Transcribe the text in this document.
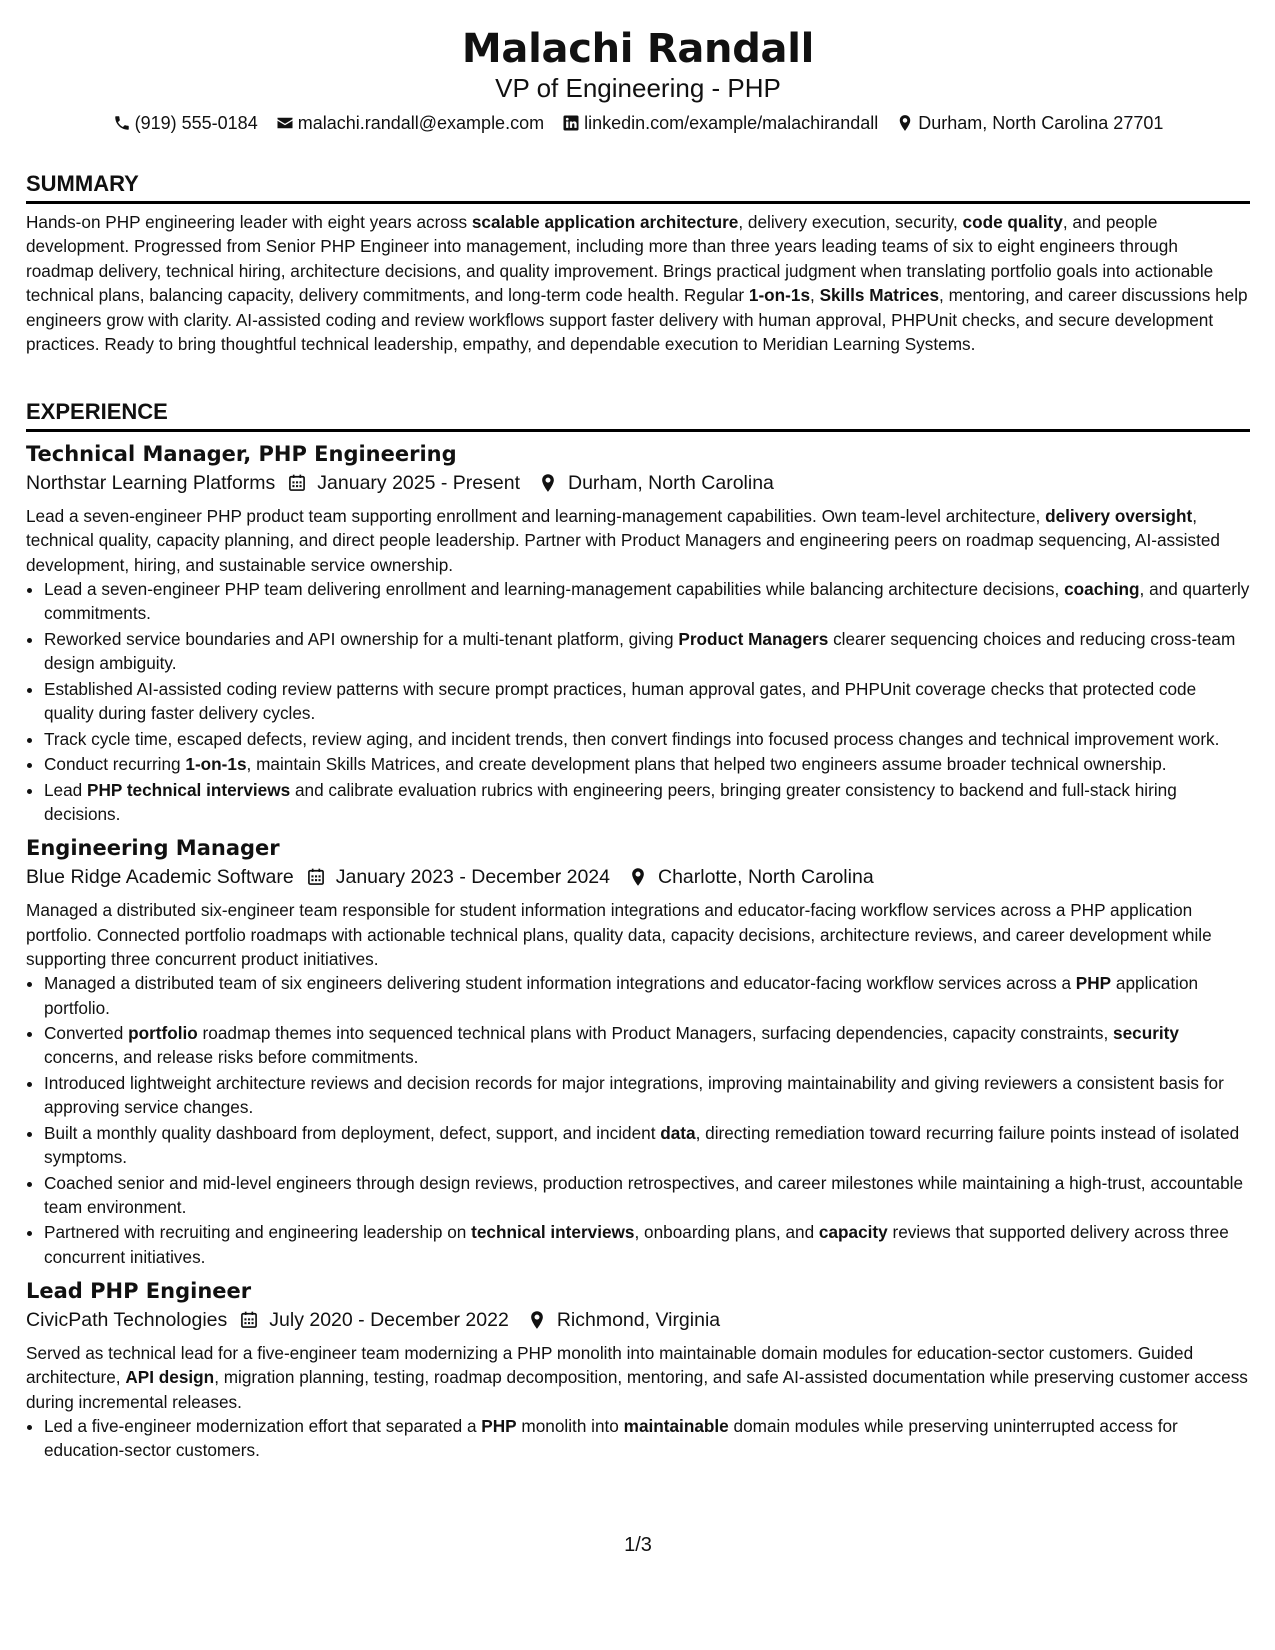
Malachi Randall
VP of Engineering - PHP
(919) 555-0184 malachi.randall@example.com linkedin.com/example/malachirandall Durham, North Carolina 27701
SUMMARY

Hands-on PHP engineering leader with eight years across scalable application architecture, delivery execution, security, code quality, and people development. Progressed from Senior PHP Engineer into management, including more than three years leading teams of six to eight engineers through roadmap delivery, technical hiring, architecture decisions, and quality improvement. Brings practical judgment when translating portfolio goals into actionable technical plans, balancing capacity, delivery commitments, and long-term code health. Regular 1-on-1s, Skills Matrices, mentoring, and career discussions help engineers grow with clarity. AI-assisted coding and review workflows support faster delivery with human approval, PHPUnit checks, and secure development practices. Ready to bring thoughtful technical leadership, empathy, and dependable execution to Meridian Learning Systems.

EXPERIENCE
Technical Manager, PHP Engineering
Northstar Learning Platforms January 2025 - Present Durham, North Carolina

Lead a seven-engineer PHP product team supporting enrollment and learning-management capabilities. Own team-level architecture, delivery oversight, technical quality, capacity planning, and direct people leadership. Partner with Product Managers and engineering peers on roadmap sequencing, AI-assisted development, hiring, and sustainable service ownership.

• Lead a seven-engineer PHP team delivering enrollment and learning-management capabilities while balancing architecture decisions, coaching, and quarterly commitments.
• Reworked service boundaries and API ownership for a multi-tenant platform, giving Product Managers clearer sequencing choices and reducing cross-team design ambiguity.
• Established AI-assisted coding review patterns with secure prompt practices, human approval gates, and PHPUnit coverage checks that protected code quality during faster delivery cycles.
• Track cycle time, escaped defects, review aging, and incident trends, then convert findings into focused process changes and technical improvement work.
• Conduct recurring 1-on-1s, maintain Skills Matrices, and create development plans that helped two engineers assume broader technical ownership.
• Lead PHP technical interviews and calibrate evaluation rubrics with engineering peers, bringing greater consistency to backend and full-stack hiring decisions.
Engineering Manager
Blue Ridge Academic Software January 2023 - December 2024 Charlotte, North Carolina

Managed a distributed six-engineer team responsible for student information integrations and educator-facing workflow services across a PHP application portfolio. Connected portfolio roadmaps with actionable technical plans, quality data, capacity decisions, architecture reviews, and career development while supporting three concurrent product initiatives.

• Managed a distributed team of six engineers delivering student information integrations and educator-facing workflow services across a PHP application portfolio.
• Converted portfolio roadmap themes into sequenced technical plans with Product Managers, surfacing dependencies, capacity constraints, security concerns, and release risks before commitments.
• Introduced lightweight architecture reviews and decision records for major integrations, improving maintainability and giving reviewers a consistent basis for approving service changes.
• Built a monthly quality dashboard from deployment, defect, support, and incident data, directing remediation toward recurring failure points instead of isolated symptoms.
• Coached senior and mid-level engineers through design reviews, production retrospectives, and career milestones while maintaining a high-trust, accountable team environment.
• Partnered with recruiting and engineering leadership on technical interviews, onboarding plans, and capacity reviews that supported delivery across three concurrent initiatives.
Lead PHP Engineer
CivicPath Technologies July 2020 - December 2022 Richmond, Virginia

Served as technical lead for a five-engineer team modernizing a PHP monolith into maintainable domain modules for education-sector customers. Guided architecture, API design, migration planning, testing, roadmap decomposition, mentoring, and safe AI-assisted documentation while preserving customer access during incremental releases.

• Led a five-engineer modernization effort that separated a PHP monolith into maintainable domain modules while preserving uninterrupted access for education-sector customers.
1/3
